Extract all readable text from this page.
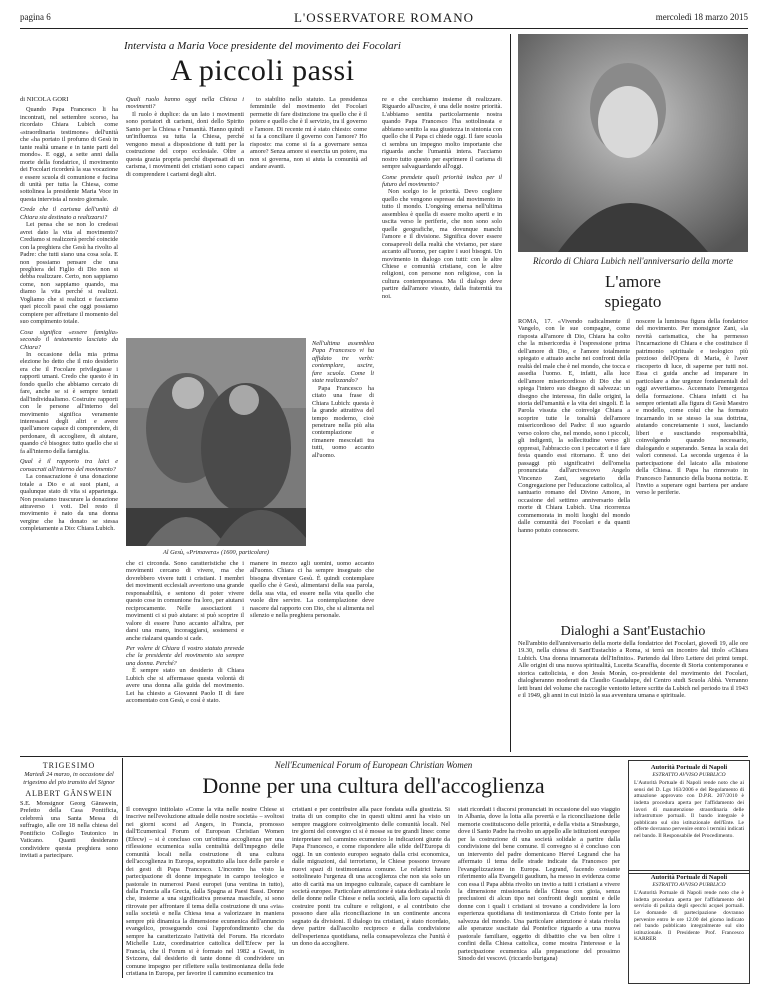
pagina 6	L'OSSERVATORE ROMANO	mercoledì 18 marzo 2015
Intervista a Maria Voce presidente del movimento dei Focolari
A piccoli passi
di NICOLA GORI

Quando Papa Francesco li ha incontrati, nel settembre scorso, ha ricordato Chiara Lubich come «straordinaria testimone» dell'unità che «ha portato il profumo di Gesù in tante realtà umane e in tante parti del mondo». E oggi, a sette anni dalla morte della fondatrice, il movimento dei Focolari ricorderà la sua vocazione e essere scuola di comunione e fucina di unità per tutta la Chiesa, come sottolinea la presidente Maria Voce in questa intervista al nostro giornale.

Crede che il carisma dell'unità di Chiara sia destinato a realizzarsi?

Lei pensa che se non lo credessi avrei dato la vita al movimento? Crediamo si realizzerà perché coincide con la preghiera che Gesù ha rivolto al Padre: che tutti siano una cosa sola. E non possiamo pensare che una preghiera del Figlio di Dio non si debba realizzare. Certo, non sappiamo come, non sappiamo quando, ma diamo la vita perché si realizzi. Vogliamo che si realizzi e facciamo quei piccoli passi che oggi possiamo compiere per affrettare il momento del suo compimento totale.

Cosa significa «essere famiglia» secondo il testamento lasciato da Chiara?

In occasione della mia prima elezione ho detto che il mio desiderio era che il Focolare privilegiasse i rapporti umani. Credo che questo è in fondo quello che abbiamo cercato di fare, anche se si è sempre tentati dall'individualismo. Costruire rapporti con le persone all'interno del movimento significa veramente interessarsi degli altri e avere quell'amore capace di comprendere, di perdonare, di accogliere, di aiutare, quando c'è bisogno: tutto quello che si fa all'interno della famiglia.

Qual è il rapporto tra laici e consacrati all'interno del movimento?

La consacrazione è una donazione totale a Dio e ai suoi piani, a qualunque stato di vita si appartenga. Non possiamo trascurare la donazione attraverso i voti. Del resto il movimento è nato da una donna vergine che ha donato se stessa completamente a Dio: Chiara Lubich.

Quali ruolo hanno oggi nella Chiesa i movimenti?

Il ruolo è duplice: da un lato i movimenti sono portatori di carismi, doni dello Spirito Santo per la Chiesa e l'umanità. Hanno quindi un'influenza su tutta la Chiesa, perché vengono messi a disposizione di tutti per la costruzione del corpo ecclesiale. Oltre a questa grazia propria perché dispensati di un carisma, i movimenti dei cristiani sono capaci di comprendere i carismi degli altri.

to stabilito nello statuto. La presidenza femminile del movimento dei Focolari permette di fare distinzione tra quello che è il potere e quello che è il servizio, tra il governo e l'amore. Di recente mi è stato chiesto: come si fa a conciliare il governo con l'amore? Ho risposto: ma come si fa a governare senza amore? Senza amore si esercita un potere, ma non si governa, non si aiuta la comunità ad andare avanti.

Nell'ultima assemblea Papa Francesco vi ha affidato tre verbi: contemplare, uscire, fare scuola. Come li state realizzando?

Papa Francesco ha citato una frase di Chiara Lubich: questa è la grande attrattiva del tempo moderno, cioè penetrare nella più alta contemplazione e rimanere mescolati tra tutti, uomo accanto all'uomo.

Al Gesù, «Primavera» (1600, particolare)

che ci circonda. Sono caratteristiche che i movimenti cercano di vivere, ma che dovrebbero vivere tutti i cristiani. I membri dei movimenti ecclesiali avvertono una grande responsabilità, e sentono di poter vivere questo cose in comunione fra loro, per aiutarsi reciprocamente. Nelle associazioni i movimenti ci si può aiutare: si può scoprire il valore di essere l'uno accanto all'altra, per darsi una mano, incoraggiarsi, sostenersi e anche rialzarsi quando si cade.

Per volere di Chiara il vostro statuto prevede che la presidente del movimento sia sempre una donna. Perché?

È sempre stato un desiderio di Chiara Lubich che si affermasse questa volontà di avere una donna alla guida del movimento. Lei ha chiesto a Giovanni Paolo II di fare accomentato con Gesù, e così è stato.

manere in mezzo agli uomini, uomo accanto all'uomo. Chiara ci ha sempre insegnato che bisogna diventare Gesù. È quindi contemplare quello che è Gesù, alimentarsi della sua parola, della sua vita, ed essere nella vita quello che vuole dire servire. La contemplazione deve nascere dal rapporto con Dio, che si alimenta nel silenzio e nella preghiera personale.

re e che cerchiamo insieme di realizzare. Riguardo all'uscire, è una delle nostre priorità. L'abbiamo sentita particolarmente nostra quando Papa Francesco l'ha sottolineata e abbiamo sentito la sua giustezza in sintonia con quello che il Papa ci chiede oggi. Il fare scuola ci sembra un impegno molto importante che riguarda anche l'umanità intera. Facciamo nostro tutto questo per esprimere il carisma di sempre salvaguardando all'oggi.

Come prendete quali priorità indica per il futuro del movimento?

Non scelgo io le priorità. Devo cogliere quello che vengono espresse dal movimento in tutto il mondo. L'ongoing emersa nell'ultima assemblea è quella di essere molto aperti e in uscita verso le periferie, che non sono solo quelle geografiche, ma dovunque manchi l'amore e il divisione. Significa dover essere consapevoli della realtà che viviamo, per stare accanto all'uomo, per capire i suoi bisogni. Un movimento in dialogo con tutti: con le altre Chiese e comunità cristiane, con le altre religioni, con persone non religiose, con la cultura contemporanea. Ma il dialogo deve partire dall'amore vissuto, dalla fraternità tra noi.

Ricordo di Chiara Lubich nell'anniversario della morte
L'amore
spiegato

ROMA, 17. «Vivendo radicalmente il Vangelo, con le sue compagne, come risposta all'amore di Dio, Chiara ha colto che la misericordia è l'espressione prima dell'amore di Dio, e l'amore totalmente spiegato e attuato anche nei confronti della realtà del male che è nel mondo, che tocca e assedia l'uomo. E, infatti, alla luce dell'amore misericordioso di Dio che si spiega l'intero suo disegno di salvezza: un disegno che interessa, fin dalle origini, la storia dell'umanità e la vita dei singoli. È la Parola vissuta che coinvolge Chiara a scoprire tutte le tonalità dell'amore misericordioso del Padre: il suo sguardo verso coloro che, nel mondo, sono i piccoli, gli indigenti, la sollecitudine verso gli oppressi, l'abbraccio con i peccatori e il fare festa quando essi ritornano. È uno dei passaggi più significativi dell'omelia pronunciata dall'arcivescovo Angelo Vincenzo Zani, segretario della Congregazione per l'educazione cattolica, al santuario romano del Divino Amore, in occasione del settimo anniversario della morte di Chiara Lubich. Una ricorrenza commemorata in molti luoghi del mondo dalle comunità dei Focolari e da quanti hanno potuto conoscere.

noscere la luminosa figura della fondatrice del movimento. Per monsignor Zani, «la novità carismatica, che ha permesso l'incarnazione di Chiara e che costituisce il patrimonio spirituale e teologico più prezioso dell'Opera di Maria, è l'aver riscoperto di luce, di saperne per tutti noi. Essa ci guida anche ad imparare in particolare a due urgenze fondamentali del oggi avvertiamo». Accennato l'emergenza della formazione. Chiara infatti ci ha sempre orientati alla figura di Gesù Maestro e modello, come colui che ha formato incarnando in se stesso la sua dottrina, aiutando concretamente i suoi, lasciando liberi e suscitando responsabilità, coinvolgendo quando necessario, dialogando e superando. Senza la scala dei valori connessi. La seconda urgenza è la partecipazione del laicato alla missione della Chiesa. Il Papa ha rinnovato in Francesco l'annuncio della buona notizia. E l'invito a superare ogni barriera per andare verso le periferie.

Dialoghi a Sant'Eustachio

Nell'ambito dell'anniversario della morte della fondatrice dei Focolari, giovedì 19, alle ore 19.30, nella chiesa di Sant'Eustachio a Roma, si terrà un incontro dal titolo «Chiara Lubich. Una donna innamorata dell'Infinito». Partendo dal libro Lettere dei primi tempi. Alle origini di una nuova spiritualità, Lucetta Scaraffia, docente di Storia contemporanea e storica cattolicista, e don Jesús Morán, co-presidente del movimento dei Focolari, dialogheranno moderati da Claudio Guadalupe, del Centro studi Scuola Abbà. Verranno letti brani del volume che raccoglie ventotto lettere scritte da Lubich nel periodo tra il 1943 e il 1949, gli anni in cui iniziò la sua avventura umana e spirituale.

TRIGESIMO

Martedì 24 marzo, in occasione del trigesimo del pio transito del Signor

ALBERT GÄNSWEIN

S.E. Monsignor Georg Gänswein, Prefetto della Casa Pontificia, celebrerà una Santa Messa di suffragio, alle ore 18 nella chiesa del Pontificio Collegio Teutonico in Vaticano. Quanti desiderano condividere questa preghiera sono invitati a partecipare.

Nell'Ecumenical Forum of European Christian Women
Donne per una cultura dell'accoglienza

Il convegno intitolato «Come la vita nelle nostre Chiese si inscrive nell'evoluzione attuale delle nostre società» – svoltosi nei giorni scorsi ad Angers, in Francia, promosso dall'Ecumenical Forum of European Christian Women (Efecw) – si è concluso con un'ottima accoglienza per una riflessione ecumenica sulla centralità dell'impegno delle comunità locali nella costruzione di una cultura dell'accoglienza in Europa, soprattutto alla luce delle parole e dei gesti di Papa Francesco. L'incontro ha visto la partecipazione di donne impegnate in campo teologico e pastorale in numerosi Paesi europei (una ventina in tutto), dalla Francia alla Grecia, dalla Spagna ai Paesi Bassi. Donne che, insieme a una significativa presenza maschile, si sono ritrovate per affrontare il tema della costruzione di una «via» sulla società e nella Chiesa tesa a valorizzare in maniera sempre più dinamica la dimensione ecumenica dell'annuncio evangelico, proseguendo così l'approfondimento che da sempre ha caratterizzato l'attività del Forum. Ha ricordato Michelle Lutz, coordinatrice cattolica dell'Efecw per la Francia, che il Forum si è formato nel 1982 a Gwatt, in Svizzera, dal desiderio di tante donne di condividere un comune impegno per riflettere sulla testimonianza della fede cristiana in Europa, per favorire il cammino ecumenico tra

cristiani e per contribuire alla pace fondata sulla giustizia. Si tratta di un compito che in questi ultimi anni ha visto un sempre maggiore coinvolgimento delle comunità locali. Nel tre giorni del convegno ci si è mosse su tre grandi linee: come interpretare nel cammino ecumenico le indicazioni giunte da Papa Francesco, e come rispondere alle sfide dell'Europa di oggi. In un contesto europeo segnato dalla crisi economica, dalle migrazioni, dal terrorismo, le Chiese possono trovare nuovi spazi di testimonianza comune. Le relatrici hanno sottolineato l'urgenza di una accoglienza che non sia solo un atto di carità ma un impegno culturale, capace di cambiare le società europee. Particolare attenzione è stata dedicata al ruolo delle donne nelle Chiese e nella società, alla loro capacità di costruire ponti tra culture e religioni, e al contributo che possono dare alla riconciliazione in un continente ancora segnato da divisioni. Il dialogo tra cristiani, è stato ricordato, deve partire dall'ascolto reciproco e dalla condivisione dell'esperienza quotidiana, nella consapevolezza che l'unità è un dono da accogliere.

stati ricordati i discorsi pronunciati in occasione del suo viaggio in Albania, dove la lotta alla povertà e la riconciliazione delle memorie costituiscono delle priorità, e della visita a Strasburgo, dove il Santo Padre ha rivolto un appello alle istituzioni europee per la costruzione di una società solidale a partire dalla condivisione del bene comune. Il convegno si è concluso con un intervento del padre domenicano Hervé Legrand che ha affermato il tema delle strade indicate da Francesco per l'evangelizzazione in Europa. Legrand, facendo costante riferimento alla Evangelii gaudium, ha messo in evidenza come con essa il Papa abbia rivolto un invito a tutti i cristiani a vivere la dimensione missionaria della Chiesa con gioia, senza preclusioni di alcun tipo nei confronti degli uomini e delle donne con i quali i cristiani si trovano a condividere la loro esperienza quotidiana di testimonianza di Cristo fonte per la salvezza del mondo. Una particolare attenzione è stata rivolta alle speranze suscitate dal Pontefice riguardo a una nuova pastorale familiare, oggetto di dibattito che va ben oltre i confini della Chiesa cattolica, come mostra l'interesse e la partecipazione ecumenica alla preparazione del prossimo Sinodo dei vescovi. (riccardo burigana)

Autorità Portuale di Napoli
ESTRATTO AVVISO PUBBLICO
L'Autorità Portuale di Napoli rende noto che ai sensi del D. Lgs 163/2006 e del Regolamento di attuazione approvato con D.P.R. 207/2010 è indetta procedura aperta per l'affidamento dei lavori di manutenzione straordinaria delle infrastrutture portuali. Il bando integrale è pubblicato sul sito istituzionale dell'Ente. Le offerte dovranno pervenire entro i termini indicati nel bando. Il Responsabile del Procedimento.
Autorità Portuale di Napoli
ESTRATTO AVVISO PUBBLICO
L'Autorità Portuale di Napoli rende noto che è indetta procedura aperta per l'affidamento del servizio di pulizia degli specchi acquei portuali. Le domande di partecipazione dovranno pervenire entro le ore 12.00 del giorno indicato nel bando pubblicato integralmente sul sito istituzionale. Il Presidente Prof. Francesco KARRER
